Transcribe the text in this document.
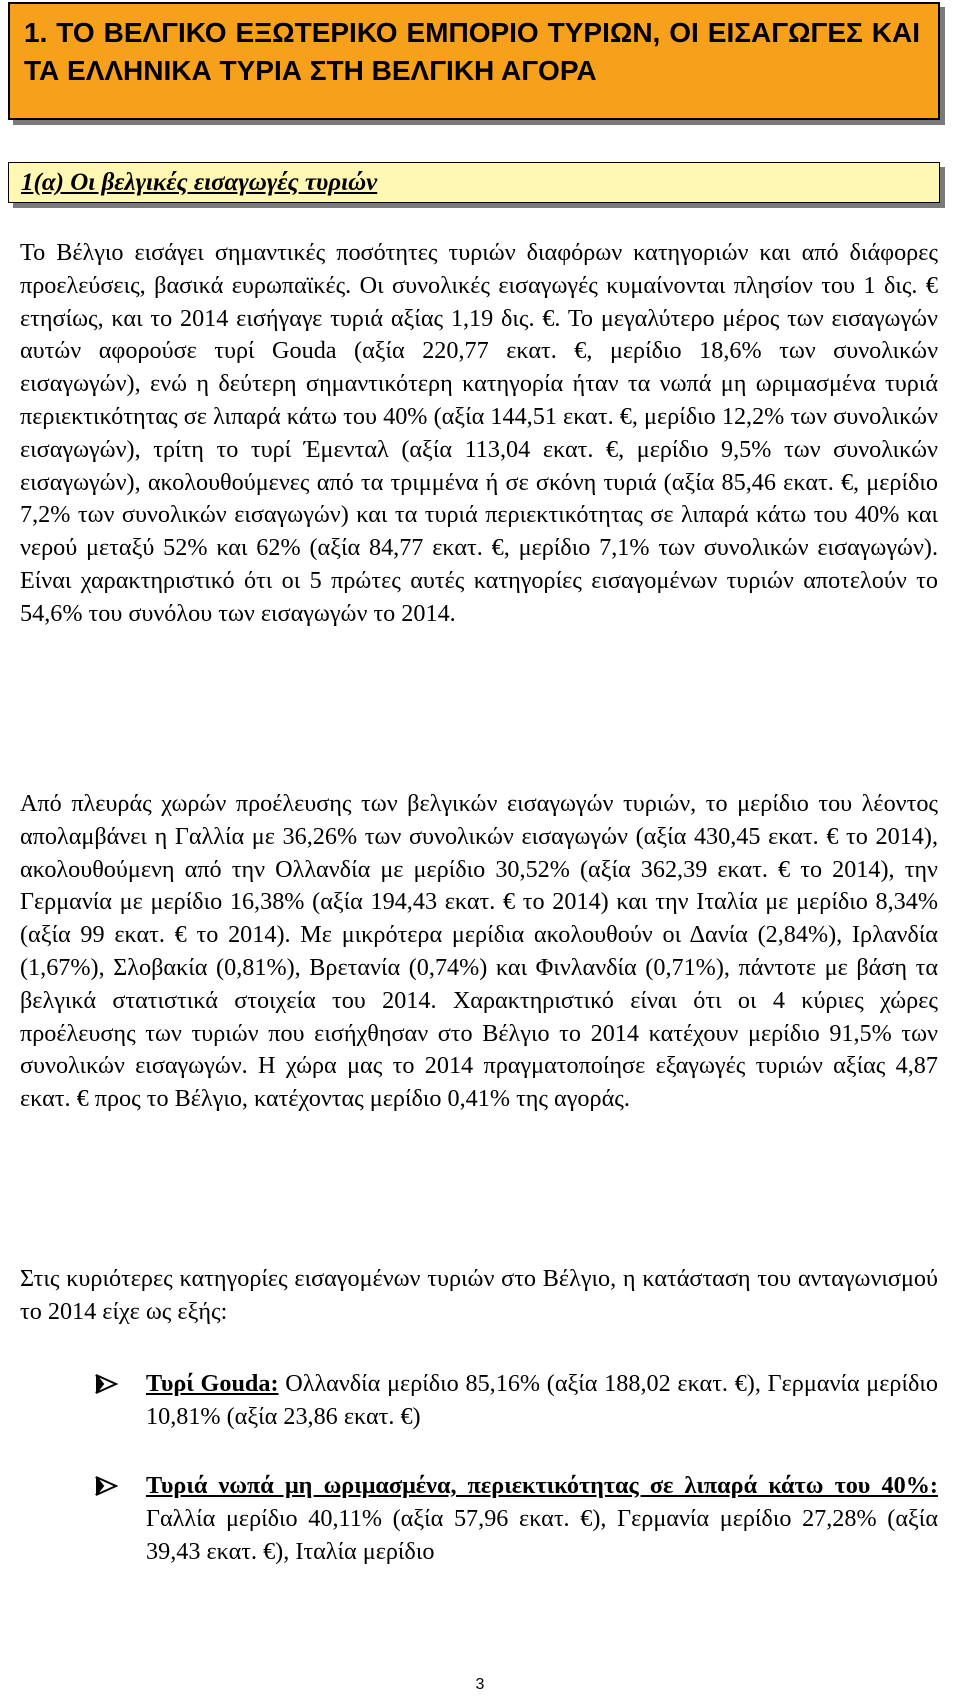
1. ΤΟ ΒΕΛΓΙΚΟ ΕΞΩΤΕΡΙΚΟ ΕΜΠΟΡΙΟ ΤΥΡΙΩΝ, ΟΙ ΕΙΣΑΓΩΓΕΣ ΚΑΙ ΤΑ ΕΛΛΗΝΙΚΑ ΤΥΡΙΑ ΣΤΗ ΒΕΛΓΙΚΗ ΑΓΟΡΑ
1(α) Οι βελγικές εισαγωγές τυριών

Το Βέλγιο εισάγει σημαντικές ποσότητες τυριών διαφόρων κατηγοριών και από διάφορες προελεύσεις, βασικά ευρωπαϊκές. Οι συνολικές εισαγωγές κυμαίνονται πλησίον του 1 δις. € ετησίως, και το 2014 εισήγαγε τυριά αξίας 1,19 δις. €. Το μεγαλύτερο μέρος των εισαγωγών αυτών αφορούσε τυρί Gouda (αξία 220,77 εκατ. €, μερίδιο 18,6% των συνολικών εισαγωγών), ενώ η δεύτερη σημαντικότερη κατηγορία ήταν τα νωπά μη ωριμασμένα τυριά περιεκτικότητας σε λιπαρά κάτω του 40% (αξία 144,51 εκατ. €, μερίδιο 12,2% των συνολικών εισαγωγών), τρίτη το τυρί Έμενταλ (αξία 113,04 εκατ. €, μερίδιο 9,5% των συνολικών εισαγωγών), ακολουθούμενες από τα τριμμένα ή σε σκόνη τυριά (αξία 85,46 εκατ. €, μερίδιο 7,2% των συνολικών εισαγωγών) και τα τυριά περιεκτικότητας σε λιπαρά κάτω του 40% και νερού μεταξύ 52% και 62% (αξία 84,77 εκατ. €, μερίδιο 7,1% των συνολικών εισαγωγών). Είναι χαρακτηριστικό ότι οι 5 πρώτες αυτές κατηγορίες εισαγομένων τυριών αποτελούν το 54,6% του συνόλου των εισαγωγών το 2014.

Από πλευράς χωρών προέλευσης των βελγικών εισαγωγών τυριών, το μερίδιο του λέοντος απολαμβάνει η Γαλλία με 36,26% των συνολικών εισαγωγών (αξία 430,45 εκατ. € το 2014), ακολουθούμενη από την Ολλανδία με μερίδιο 30,52% (αξία 362,39 εκατ. € το 2014), την Γερμανία με μερίδιο 16,38% (αξία 194,43 εκατ. € το 2014) και την Ιταλία με μερίδιο 8,34% (αξία 99 εκατ. € το 2014). Με μικρότερα μερίδια ακολουθούν οι Δανία (2,84%), Ιρλανδία (1,67%), Σλοβακία (0,81%), Βρετανία (0,74%) και Φινλανδία (0,71%), πάντοτε με βάση τα βελγικά στατιστικά στοιχεία του 2014. Χαρακτηριστικό είναι ότι οι 4 κύριες χώρες προέλευσης των τυριών που εισήχθησαν στο Βέλγιο το 2014 κατέχουν μερίδιο 91,5% των συνολικών εισαγωγών. Η χώρα μας το 2014 πραγματοποίησε εξαγωγές τυριών αξίας 4,87 εκατ. € προς το Βέλγιο, κατέχοντας μερίδιο 0,41% της αγοράς.

Στις κυριότερες κατηγορίες εισαγομένων τυριών στο Βέλγιο, η κατάσταση του ανταγωνισμού το 2014 είχε ως εξής:

Τυρί Gouda: Ολλανδία μερίδιο 85,16% (αξία 188,02 εκατ. €), Γερμανία μερίδιο 10,81% (αξία 23,86 εκατ. €)
Τυριά νωπά μη ωριμασμένα, περιεκτικότητας σε λιπαρά κάτω του 40%: Γαλλία μερίδιο 40,11% (αξία 57,96 εκατ. €), Γερμανία μερίδιο 27,28% (αξία 39,43 εκατ. €), Ιταλία μερίδιο
3
